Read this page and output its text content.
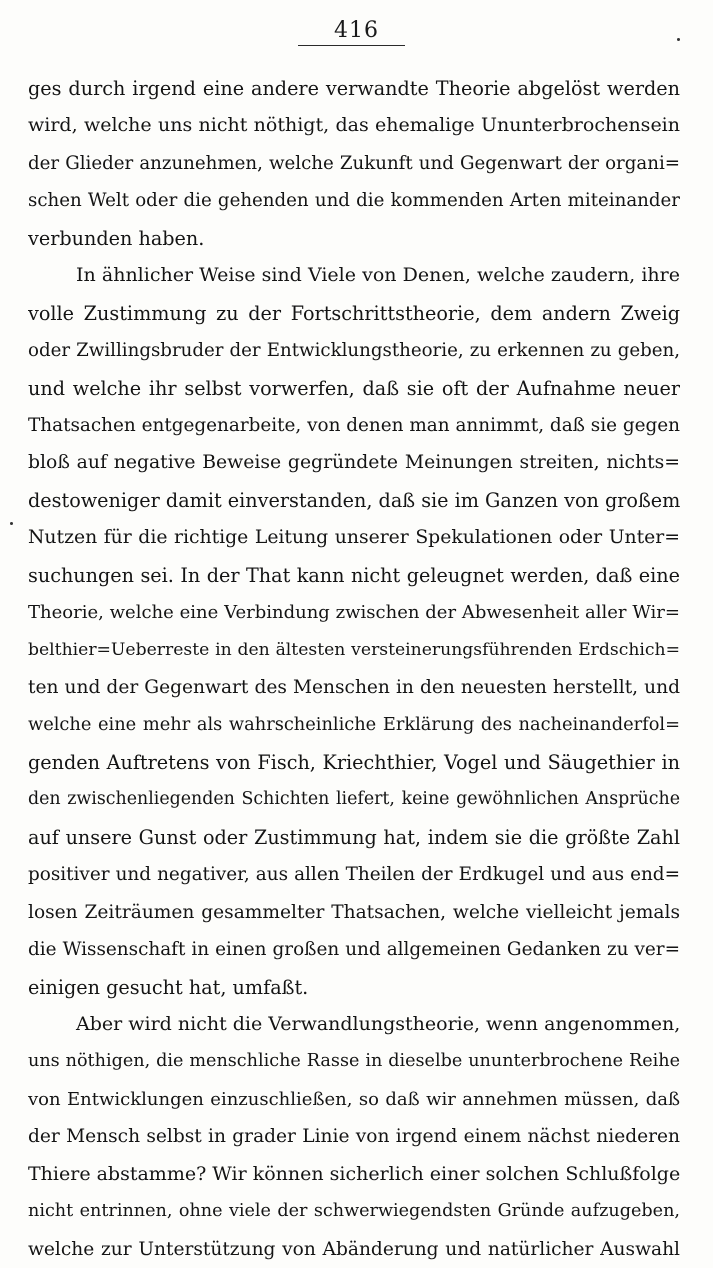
416
ges durch irgend eine andere verwandte Theorie abgelöst werden
wird, welche uns nicht nöthigt, das ehemalige Ununterbrochensein
der Glieder anzunehmen, welche Zukunft und Gegenwart der organi=
schen Welt oder die gehenden und die kommenden Arten miteinander
verbunden haben.
In ähnlicher Weise sind Viele von Denen, welche zaudern, ihre
volle Zustimmung zu der Fortschrittstheorie, dem andern Zweig
oder Zwillingsbruder der Entwicklungstheorie, zu erkennen zu geben,
und welche ihr selbst vorwerfen, daß sie oft der Aufnahme neuer
Thatsachen entgegenarbeite, von denen man annimmt, daß sie gegen
bloß auf negative Beweise gegründete Meinungen streiten, nichts=
destoweniger damit einverstanden, daß sie im Ganzen von großem
Nutzen für die richtige Leitung unserer Spekulationen oder Unter=
suchungen sei. In der That kann nicht geleugnet werden, daß eine
Theorie, welche eine Verbindung zwischen der Abwesenheit aller Wir=
belthier=Ueberreste in den ältesten versteinerungsführenden Erdschich=
ten und der Gegenwart des Menschen in den neuesten herstellt, und
welche eine mehr als wahrscheinliche Erklärung des nacheinanderfol=
genden Auftretens von Fisch, Kriechthier, Vogel und Säugethier in
den zwischenliegenden Schichten liefert, keine gewöhnlichen Ansprüche
auf unsere Gunst oder Zustimmung hat, indem sie die größte Zahl
positiver und negativer, aus allen Theilen der Erdkugel und aus end=
losen Zeiträumen gesammelter Thatsachen, welche vielleicht jemals
die Wissenschaft in einen großen und allgemeinen Gedanken zu ver=
einigen gesucht hat, umfaßt.
Aber wird nicht die Verwandlungstheorie, wenn angenommen,
uns nöthigen, die menschliche Rasse in dieselbe ununterbrochene Reihe
von Entwicklungen einzuschließen, so daß wir annehmen müssen, daß
der Mensch selbst in grader Linie von irgend einem nächst niederen
Thiere abstamme? Wir können sicherlich einer solchen Schlußfolge
nicht entrinnen, ohne viele der schwerwiegendsten Gründe aufzugeben,
welche zur Unterstützung von Abänderung und natürlicher Auswahl
